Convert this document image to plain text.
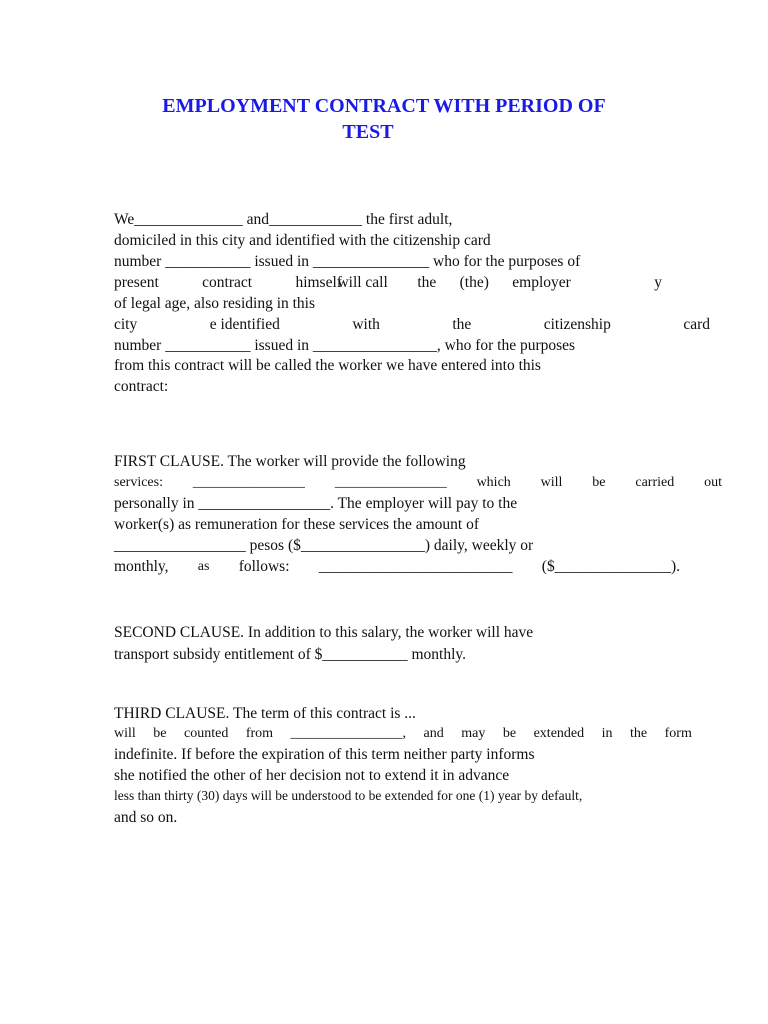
EMPLOYMENT CONTRACT WITH PERIOD OF
TEST

We______________ and____________ the first adult,

domiciled in this city and identified with the citizenship card

number ___________ issued in _______________ who for the purposes of

present	contract	himself
will call the (the) employer	y

of legal age, also residing in this

city	e identified	with	the	citizenship	card

number ___________ issued in ________________, who for the purposes

from this contract will be called the worker we have entered into this

contract:

FIRST CLAUSE. The worker will provide the following

services: ________________ ________________ which will be carried out

personally in _________________. The employer will pay to the

worker(s) as remuneration for these services the amount of

_________________ pesos ($________________) daily, weekly or

monthly, as follows: _________________________ ($_______________).

SECOND CLAUSE. In addition to this salary, the worker will have

transport subsidy entitlement of $___________ monthly.

THIRD CLAUSE. The term of this contract is ...

will be counted from ________________, and may be extended in the form

indefinite. If before the expiration of this term neither party informs

she notified the other of her decision not to extend it in advance

less than thirty (30) days will be understood to be extended for one (1) year by default,

and so on.
